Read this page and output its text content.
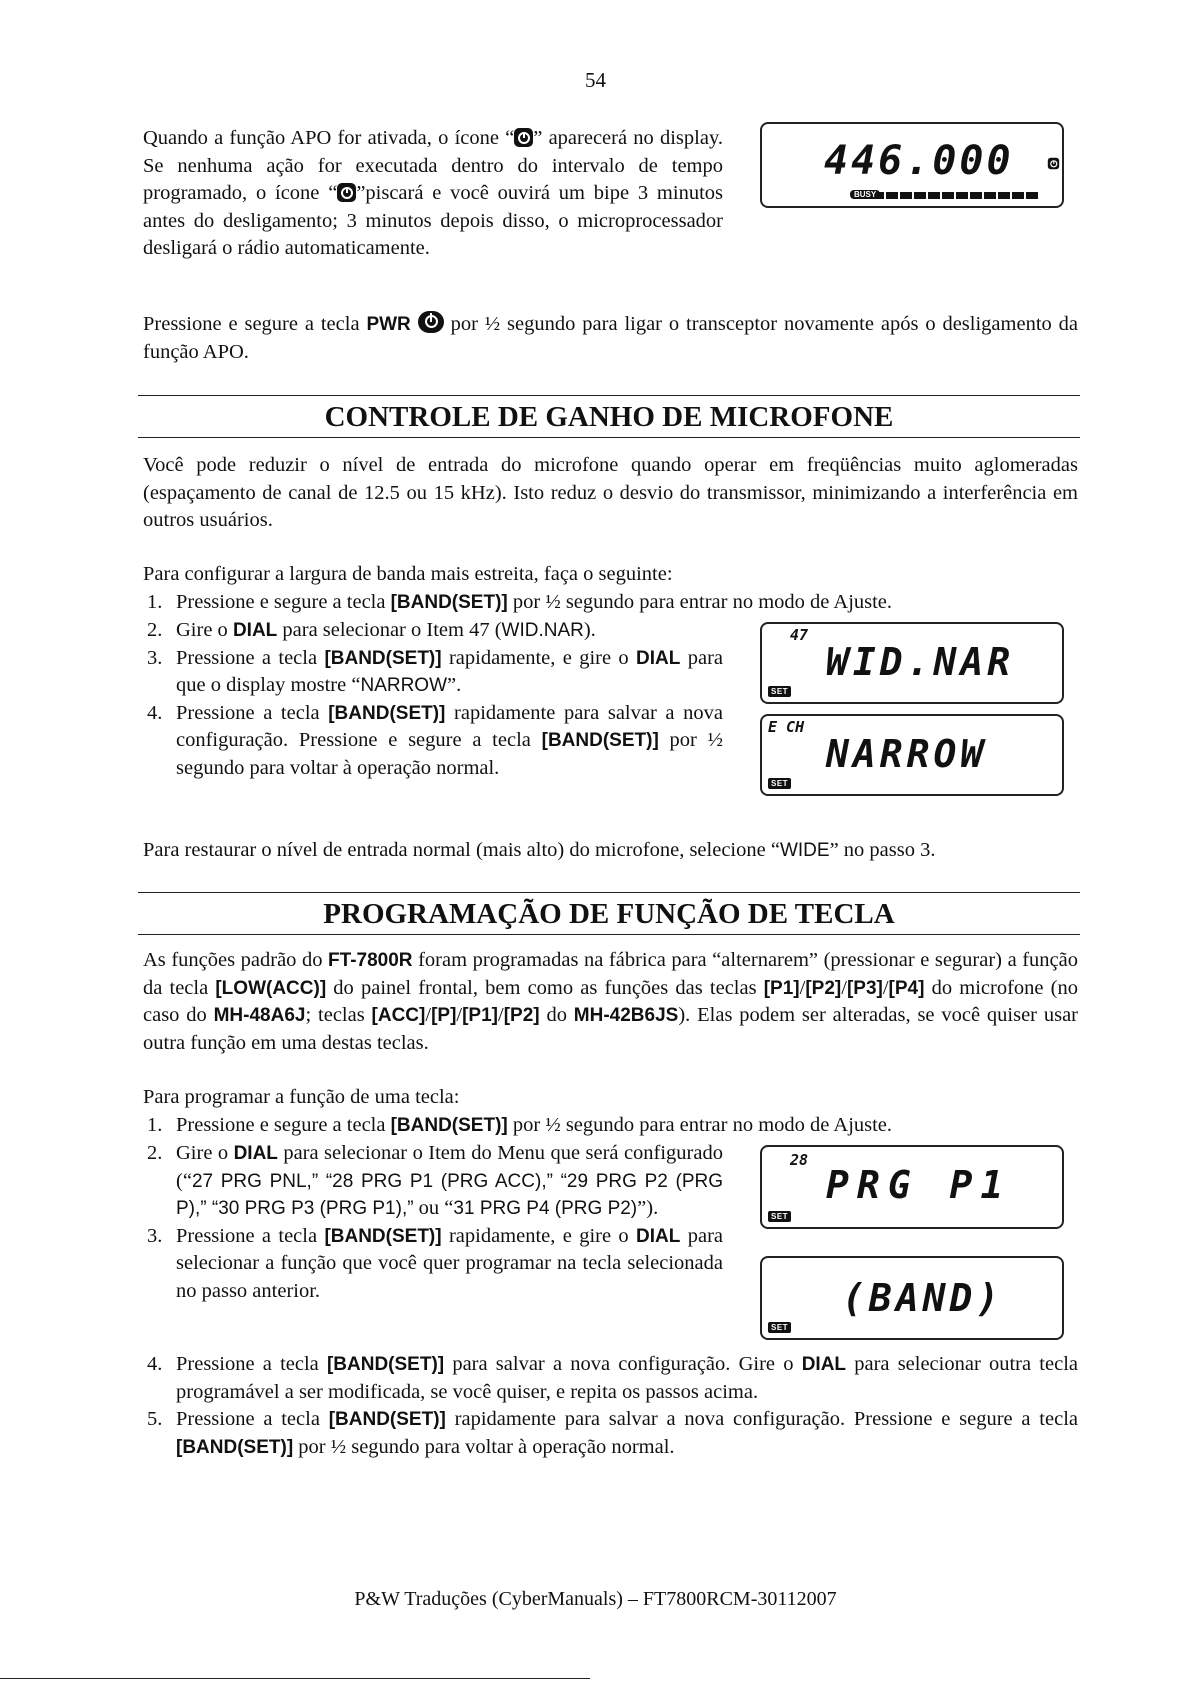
54
Quando a função APO for ativada, o ícone “ ” aparecerá no display. Se nenhuma ação for executada dentro do intervalo de tempo programado, o ícone “ ”piscará e você ouvirá um bipe 3 minutos antes do desligamento; 3 minutos depois disso, o microprocessador desligará o rádio automaticamente.
446.000
BUSY
Pressione e segure a tecla PWR  por ½ segundo para ligar o transceptor novamente após o desligamento da função APO.
CONTROLE DE GANHO DE MICROFONE
Você pode reduzir o nível de entrada do microfone quando operar em freqüências muito aglomeradas (espaçamento de canal de 12.5 ou 15 kHz). Isto reduz o desvio do transmissor, minimizando a interferência em outros usuários.
Para configurar a largura de banda mais estreita, faça o seguinte:
1. Pressione e segure a tecla [BAND(SET)] por ½ segundo para entrar no modo de Ajuste.
2. Gire o DIAL para selecionar o Item 47 (WID.NAR).
3. Pressione a tecla [BAND(SET)] rapidamente, e gire o DIAL para que o display mostre “NARROW”.
4. Pressione a tecla [BAND(SET)] rapidamente para salvar a nova configuração. Pressione e segure a tecla [BAND(SET)] por ½ segundo para voltar à operação normal.
47
WID.NAR
SET
E CH
NARROW
SET
Para restaurar o nível de entrada normal (mais alto) do microfone, selecione “WIDE” no passo 3.
PROGRAMAÇÃO DE FUNÇÃO DE TECLA
As funções padrão do FT-7800R foram programadas na fábrica para “alternarem” (pressionar e segurar) a função da tecla [LOW(ACC)] do painel frontal, bem como as funções das teclas [P1]/[P2]/[P3]/[P4] do microfone (no caso do MH-48A6J; teclas [ACC]/[P]/[P1]/[P2] do MH-42B6JS). Elas podem ser alteradas, se você quiser usar outra função em uma destas teclas.
Para programar a função de uma tecla:
1. Pressione e segure a tecla [BAND(SET)] por ½ segundo para entrar no modo de Ajuste.
2. Gire o DIAL para selecionar o Item do Menu que será configurado (“27 PRG PNL,” “28 PRG P1 (PRG ACC),” “29 PRG P2 (PRG P),” “30 PRG P3 (PRG P1),” ou “31 PRG P4 (PRG P2)”).
3. Pressione a tecla [BAND(SET)] rapidamente, e gire o DIAL para selecionar a função que você quer programar na tecla selecionada no passo anterior.
28
PRG P1
SET
(BAND)
SET
4. Pressione a tecla [BAND(SET)] para salvar a nova configuração. Gire o DIAL para selecionar outra tecla programável a ser modificada, se você quiser, e repita os passos acima.
5. Pressione a tecla [BAND(SET)] rapidamente para salvar a nova configuração. Pressione e segure a tecla [BAND(SET)] por ½ segundo para voltar à operação normal.
P&W Traduções (CyberManuals) – FT7800RCM-30112007
